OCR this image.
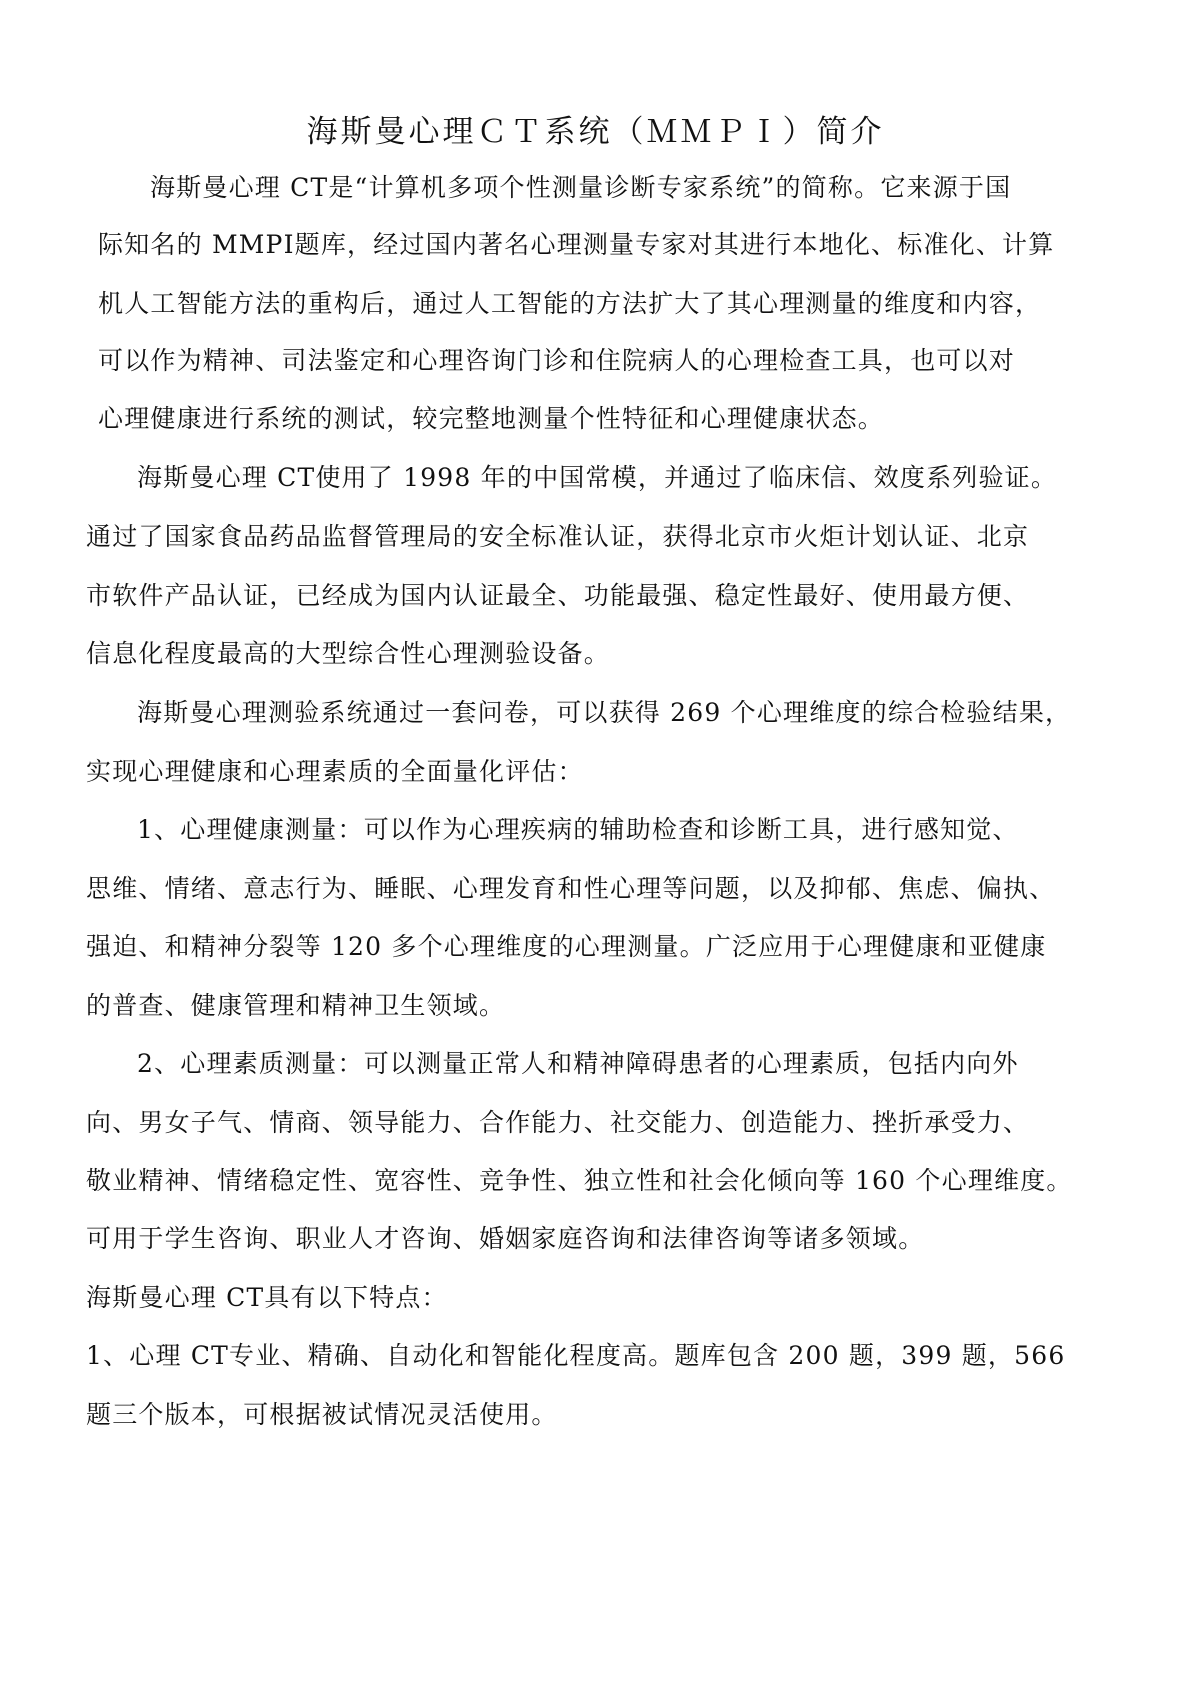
海斯曼心理ＣＴ系统（ＭＭＰＩ）简介
海斯曼心理 CT是“计算机多项个性测量诊断专家系统”的简称。它来源于国
际知名的 MMPI题库，经过国内著名心理测量专家对其进行本地化、标准化、计算
机人工智能方法的重构后，通过人工智能的方法扩大了其心理测量的维度和内容，
可以作为精神、司法鉴定和心理咨询门诊和住院病人的心理检查工具，也可以对
心理健康进行系统的测试，较完整地测量个性特征和心理健康状态。
海斯曼心理 CT使用了 1998 年的中国常模，并通过了临床信、效度系列验证。
通过了国家食品药品监督管理局的安全标准认证，获得北京市火炬计划认证、北京
市软件产品认证，已经成为国内认证最全、功能最强、稳定性最好、使用最方便、
信息化程度最高的大型综合性心理测验设备。
海斯曼心理测验系统通过一套问卷，可以获得 269 个心理维度的综合检验结果，
实现心理健康和心理素质的全面量化评估：
1、心理健康测量：可以作为心理疾病的辅助检查和诊断工具，进行感知觉、
思维、情绪、意志行为、睡眠、心理发育和性心理等问题，以及抑郁、焦虑、偏执、
强迫、和精神分裂等 120 多个心理维度的心理测量。广泛应用于心理健康和亚健康
的普查、健康管理和精神卫生领域。
2、心理素质测量：可以测量正常人和精神障碍患者的心理素质，包括内向外
向、男女子气、情商、领导能力、合作能力、社交能力、创造能力、挫折承受力、
敬业精神、情绪稳定性、宽容性、竞争性、独立性和社会化倾向等 160 个心理维度。
可用于学生咨询、职业人才咨询、婚姻家庭咨询和法律咨询等诸多领域。
海斯曼心理 CT具有以下特点：
1、心理 CT专业、精确、自动化和智能化程度高。题库包含 200 题，399 题，566
题三个版本，可根据被试情况灵活使用。
